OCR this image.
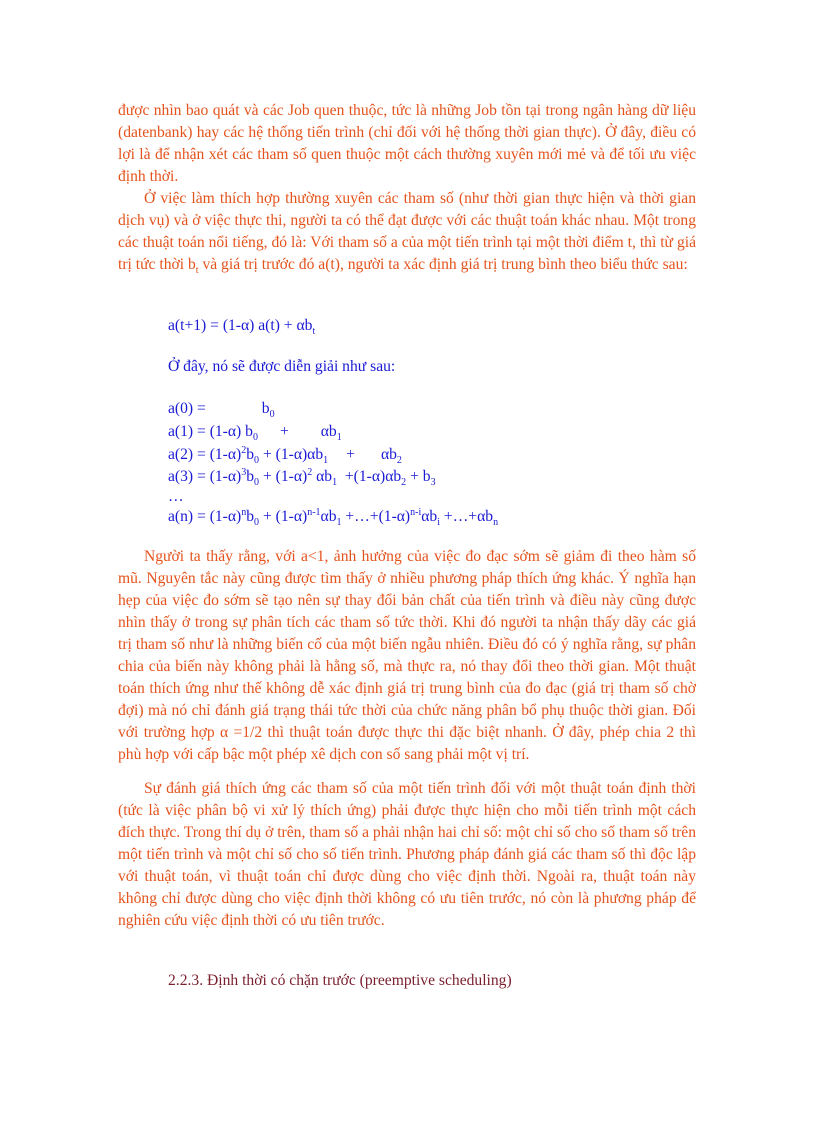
được nhìn bao quát và các Job quen thuộc, tức là những Job tồn tại trong ngân hàng dữ liệu (datenbank) hay các hệ thống tiến trình (chỉ đối với hệ thống thời gian thực). Ở đây, điều có lợi là để nhận xét các tham số quen thuộc một cách thường xuyên mới mẻ và để tối ưu việc định thời.

Ở việc làm thích hợp thường xuyên các tham số (như thời gian thực hiện và thời gian dịch vụ) và ở việc thực thi, người ta có thể đạt được với các thuật toán khác nhau. Một trong các thuật toán nổi tiếng, đó là: Với tham số a của một tiến trình tại một thời điểm t, thì từ giá trị tức thời $b_t$ và giá trị trước đó a(t), người ta xác định giá trị trung bình theo biểu thức sau:

a(t+1) = (1-α) $a(t) + \alpha b_t$
Ở đây, nó sẽ được diễn giải như sau:
a(0) =	$b_0$
a(1) = (1-α) $b_0 + \alpha b_1$
$a(2) = (1-\alpha)^2b_0 + (1-\alpha)\alpha b_1 + \alpha b_2$
$a(3) = (1-\alpha)^3b_0 + (1-\alpha)^2$ $\alpha b_1 +(1-\alpha)\alpha b_2 + b_3$
…
$a(n) = (1-\alpha)^nb_0 + (1-\alpha)^{n-1}\alpha b_1$ $+\dots+(1-\alpha)^{n-i}\alpha b_i$ $+\dots+\alpha b_n$

Người ta thấy rằng, với a<1, ảnh hưởng của việc đo đạc sớm sẽ giảm đi theo hàm số mũ. Nguyên tắc này cũng được tìm thấy ở nhiều phương pháp thích ứng khác. Ý nghĩa hạn hẹp của việc đo sớm sẽ tạo nên sự thay đổi bản chất của tiến trình và điều này cũng được nhìn thấy ở trong sự phân tích các tham số tức thời. Khi đó người ta nhận thấy dãy các giá trị tham số như là những biến cố của một biến ngẫu nhiên. Điều đó có ý nghĩa rằng, sự phân chia của biến này không phải là hằng số, mà thực ra, nó thay đổi theo thời gian. Một thuật toán thích ứng như thế không dễ xác định giá trị trung bình của đo đạc (giá trị tham số chờ đợi) mà nó chỉ đánh giá trạng thái tức thời của chức năng phân bổ phụ thuộc thời gian. Đối với trường hợp α =1/2 thì thuật toán được thực thi đặc biệt nhanh. Ở đây, phép chia 2 thì phù hợp với cấp bậc một phép xê dịch con số sang phải một vị trí.

Sự đánh giá thích ứng các tham số của một tiến trình đối với một thuật toán định thời (tức là việc phân bộ vi xử lý thích ứng) phải được thực hiện cho mỗi tiến trình một cách đích thực. Trong thí dụ ở trên, tham số a phải nhận hai chỉ số: một chỉ số cho số tham số trên một tiến trình và một chỉ số cho số tiến trình. Phương pháp đánh giá các tham số thì độc lập với thuật toán, vì thuật toán chỉ được dùng cho việc định thời. Ngoài ra, thuật toán này không chỉ được dùng cho việc định thời không có ưu tiên trước, nó còn là phương pháp để nghiên cứu việc định thời có ưu tiên trước.

2.2.3. Định thời có chặn trước (preemptive scheduling)
